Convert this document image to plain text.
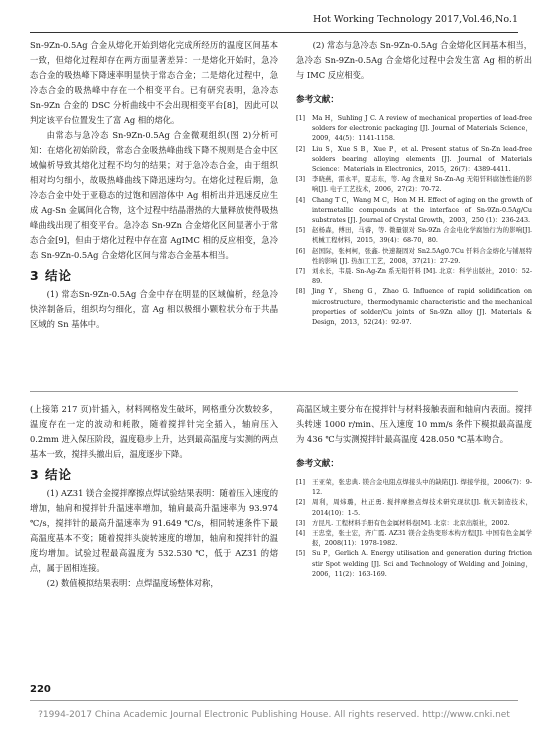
Hot Working Technology 2017,Vol.46,No.1

Sn-9Zn-0.5Ag 合金从熔化开始到熔化完成所经历的温度区间基本一致，但熔化过程却存在两方面显著差异：一是熔化开始时，急冷态合金的吸热峰下降速率明显快于常态合金；二是熔化过程中，急冷态合金的吸热峰中存在一个相变平台。已有研究表明，急冷态 Sn-9Zn 合金的 DSC 分析曲线中不会出现相变平台[8]，因此可以判定该平台位置发生了富 Ag 相的熔化。

由常态与急冷态 Sn-9Zn-0.5Ag 合金微观组织(图 2)分析可知：在熔化初始阶段，常态合金吸热峰曲线下降不规则是合金中区域偏析导致其熔化过程不均匀的结果；对于急冷态合金，由于组织相对均匀细小，故吸热峰曲线下降迅速均匀。在熔化过程后期，急冷态合金中处于亚稳态的过饱和固溶体中 Ag 相析出并迅速反应生成 Ag-Sn 金属间化合物，这个过程中结晶潜热的大量释放使得吸热峰曲线出现了相变平台。急冷态 Sn-9Zn 合金熔化区间显著小于常态合金[9]，但由于熔化过程中存在富 AgIMC 相的反应相变，急冷态 Sn-9Zn-0.5Ag 合金熔化区间与常态合金基本相当。

3 结论

(1) 常态Sn-9Zn-0.5Ag 合金中存在明显的区域偏析，经急冷快淬制备后，组织均匀细化，富 Ag 相以极细小颗粒状分布于共晶区域的 Sn 基体中。

(2) 常态与急冷态 Sn-9Zn-0.5Ag 合金熔化区间基本相当，急冷态 Sn-9Zn-0.5Ag 合金熔化过程中会发生富 Ag 相的析出与 IMC 反应相变。

参考文献：
[1]	Ma H，Suhling J C. A review of mechanical properties of lead-free solders for electronic packaging [J]. Journal of Materials Science，2009，44(5)：1141-1158.
[2]	Liu S，Xue S B，Xue P，et al. Present status of Sn-Zn lead-free solders bearing alloying elements [J]. Journal of Materials Science：Materials in Electronics，2015，26(7)：4389-4411.
[3]	李晓燕，雷永平，夏志东，等. Ag 含量对 Sn-Zn-Ag 无铅钎料腐蚀性能的影响[J]. 电子工艺技术，2006，27(2)：70-72.
[4]	Chang T C，Wang M C，Hon M H. Effect of aging on the growth of intermetallic compounds at the interface of Sn-9Zn-0.5Ag/Cu substrates [J]. Journal of Crystal Growth，2003，250 (1)：236-243.
[5]	赵杨森，傅田，马睿，等. 微量银对 Sn-9Zn 合金电化学腐蚀行为的影响[J]. 机械工程材料，2015，39(4)：68-70，80.
[6]	赵国际，张柯柯，张鑫. 快速凝固对 Sn2.5Ag0.7Cu 钎料合金熔化与铺展特性的影响 [J]. 热加工工艺，2008，37(21)：27-29.
[7]	刘永长，韦晨. Sn-Ag-Zn 系无铅钎料 [M]. 北京：科学出版社，2010：52-89.
[8]	Jing Y，Sheng G，Zhao G. Influence of rapid solidification on microstructure，thermodynamic characteristic and the mechanical properties of solder/Cu joints of Sn-9Zn alloy [J]. Materials & Design，2013，52(24)：92-97.

(上接第 217 页)针插入，材料网格发生破坏，网格重分次数较多，温度存在一定的波动和耗散，随着搅拌针完全插入，轴肩压入 0.2mm 进入保压阶段，温度稳步上升，达到最高温度与实测的两点基本一致，搅拌头撤出后，温度逐步下降。

3 结论

(1) AZ31 镁合金搅拌摩擦点焊试验结果表明：随着压入速度的增加，轴肩和搅拌针升温速率增加，轴肩最高升温速率为 93.974 ℃/s，搅拌针的最高升温速率为 91.649 ℃/s，相同转速条件下最高温度基本不变；随着搅拌头旋转速度的增加，轴肩和搅拌针的温度均增加。试验过程最高温度为 532.530 ℃，低于 AZ31 的熔点，属于固相连接。

(2) 数值模拟结果表明：点焊温度场整体对称，

高温区域主要分布在搅拌针与材料接触表面和轴肩内表面。搅拌头转速 1000 r/min、压入速度 10 mm/s 条件下模拟最高温度为 436 ℃与实测搅拌针最高温度 428.050 ℃基本吻合。

参考文献：
[1]	王亚荣，张忠典. 镁合金电阻点焊接头中的缺陷[J]. 焊接学报，2006(7)：9-12.
[2]	周利，周炜璐，杜正勇. 搅拌摩擦点焊技术研究现状[J]. 航天制造技术，2014(10)：1-5.
[3]	方昆凡. 工程材料手册有色金属材料卷[M]. 北京：北京出版社，2002.
[4]	王忠堂，张士宏，齐广霞. AZ31 镁合金热变形本构方程[J]. 中国有色金属学报，2008(11)：1978-1982.
[5]	Su P，Gerlich A. Energy utilisation and generation during friction stir Spot welding [J]. Sci and Technology of Welding and Joining，2006，11(2)：163-169.
220
?1994-2017 China Academic Journal Electronic Publishing House. All rights reserved. http://www.cnki.net
